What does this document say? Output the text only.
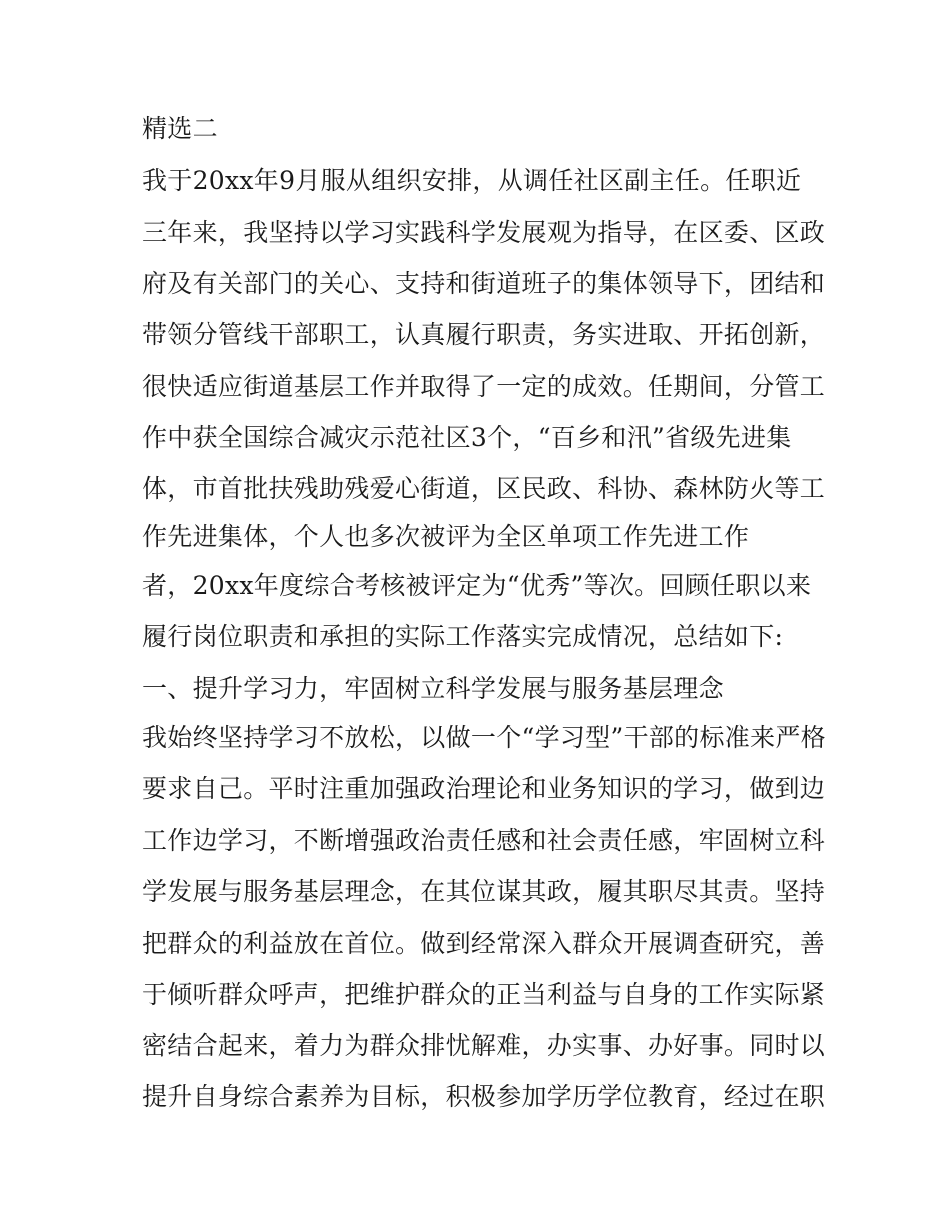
精选二
我于20xx年9月服从组织安排，从调任社区副主任。任职近
三年来，我坚持以学习实践科学发展观为指导，在区委、区政
府及有关部门的关心、支持和街道班子的集体领导下，团结和
带领分管线干部职工，认真履行职责，务实进取、开拓创新，
很快适应街道基层工作并取得了一定的成效。任期间，分管工
作中获全国综合减灾示范社区3个，“百乡和汛”省级先进集
体，市首批扶残助残爱心街道，区民政、科协、森林防火等工
作先进集体，个人也多次被评为全区单项工作先进工作
者，20xx年度综合考核被评定为“优秀”等次。回顾任职以来
履行岗位职责和承担的实际工作落实完成情况，总结如下:
一、提升学习力，牢固树立科学发展与服务基层理念
我始终坚持学习不放松，以做一个“学习型”干部的标准来严格
要求自己。平时注重加强政治理论和业务知识的学习，做到边
工作边学习，不断增强政治责任感和社会责任感，牢固树立科
学发展与服务基层理念，在其位谋其政，履其职尽其责。坚持
把群众的利益放在首位。做到经常深入群众开展调查研究，善
于倾听群众呼声，把维护群众的正当利益与自身的工作实际紧
密结合起来，着力为群众排忧解难，办实事、办好事。同时以
提升自身综合素养为目标，积极参加学历学位教育，经过在职
